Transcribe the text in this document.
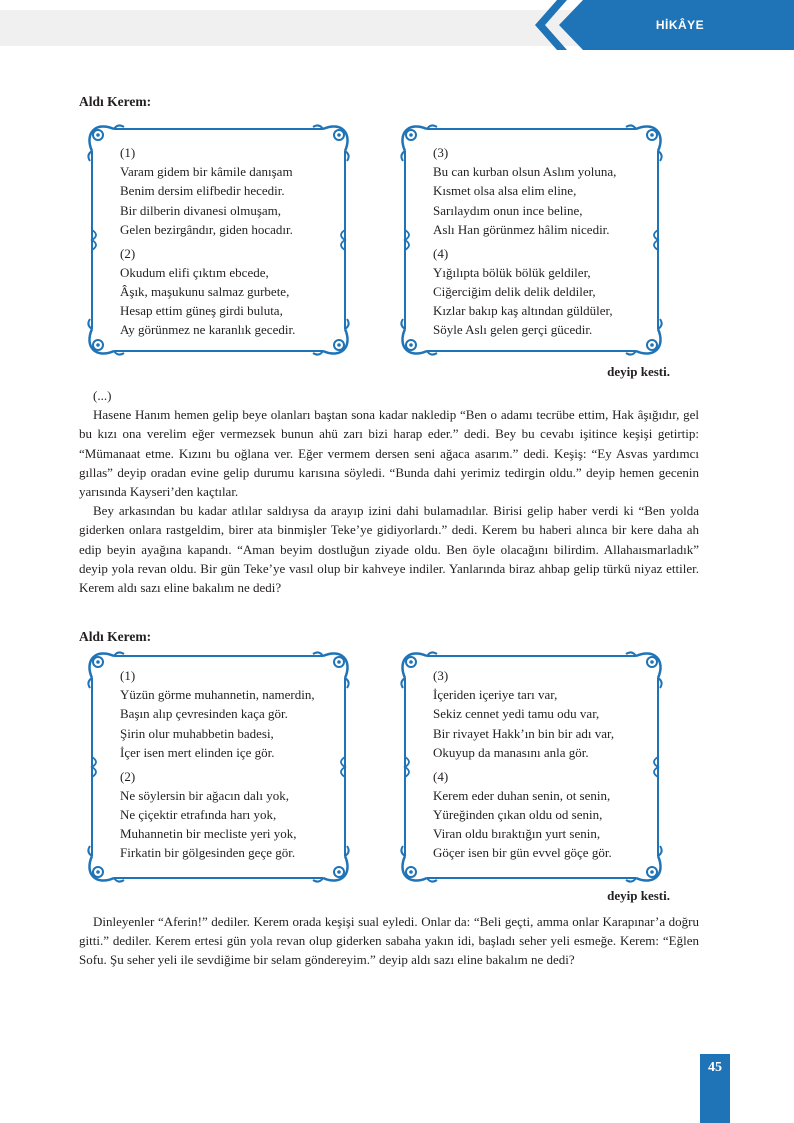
HİKÂYE
Aldı Kerem:
(1)
Varam gidem bir kâmile danışam
Benim dersim elifbedir hecedir.
Bir dilberin divanesi olmuşam,
Gelen bezirgândır, giden hocadır.
(2)
Okudum elifi çıktım ebcede,
Âşık, maşukunu salmaz gurbete,
Hesap ettim güneş girdi buluta,
Ay görünmez ne karanlık gecedir.
(3)
Bu can kurban olsun Aslım yoluna,
Kısmet olsa alsa elim eline,
Sarılaydım onun ince beline,
Aslı Han görünmez hâlim nicedir.
(4)
Yığılıpta bölük bölük geldiler,
Ciğerciğim delik delik deldiler,
Kızlar bakıp kaş altından güldüler,
Söyle Aslı gelen gerçi gücedir.
deyip kesti.

(...)

Hasene Hanım hemen gelip beye olanları baştan sona kadar nakledip “Ben o adamı tecrübe ettim, Hak âşığıdır, gel bu kızı ona verelim eğer vermezsek bunun ahü zarı bizi harap eder.” dedi. Bey bu cevabı işitince keşişi getirtip: “Mümanaat etme. Kızını bu oğlana ver. Eğer vermem dersen seni ağaca asarım.” dedi. Keşiş: “Ey Asvas yardımcı gıllas” deyip oradan evine gelip durumu karısına söyledi. “Bunda dahi yerimiz tedirgin oldu.” deyip hemen gecenin yarısında Kayseri’den kaçtılar.

Bey arkasından bu kadar atlılar saldıysa da arayıp izini dahi bulamadılar. Birisi gelip haber verdi ki “Ben yolda giderken onlara rastgeldim, birer ata binmişler Teke’ye gidiyorlardı.” dedi. Kerem bu haberi alınca bir kere daha ah edip beyin ayağına kapandı. “Aman beyim dostluğun ziyade oldu. Ben öyle olacağını bilirdim. Allahaısmarladık” deyip yola revan oldu. Bir gün Teke’ye vasıl olup bir kahveye indiler. Yanlarında biraz ahbap gelip türkü niyaz ettiler. Kerem aldı sazı eline bakalım ne dedi?

Aldı Kerem:
(1)
Yüzün görme muhannetin, namerdin,
Başın alıp çevresinden kaça gör.
Şirin olur muhabbetin badesi,
İçer isen mert elinden içe gör.
(2)
Ne söylersin bir ağacın dalı yok,
Ne çiçektir etrafında harı yok,
Muhannetin bir mecliste yeri yok,
Firkatin bir gölgesinden geçe gör.
(3)
İçeriden içeriye tarı var,
Sekiz cennet yedi tamu odu var,
Bir rivayet Hakk’ın bin bir adı var,
Okuyup da manasını anla gör.
(4)
Kerem eder duhan senin, ot senin,
Yüreğinden çıkan oldu od senin,
Viran oldu bıraktığın yurt senin,
Göçer isen bir gün evvel göçe gör.
deyip kesti.

Dinleyenler “Aferin!” dediler. Kerem orada keşişi sual eyledi. Onlar da: “Beli geçti, amma onlar Karapınar’a doğru gitti.” dediler. Kerem ertesi gün yola revan olup giderken sabaha yakın idi, başladı seher yeli esmeğe. Kerem: “Eğlen Sofu. Şu seher yeli ile sevdiğime bir selam göndereyim.” deyip aldı sazı eline bakalım ne dedi?

45
